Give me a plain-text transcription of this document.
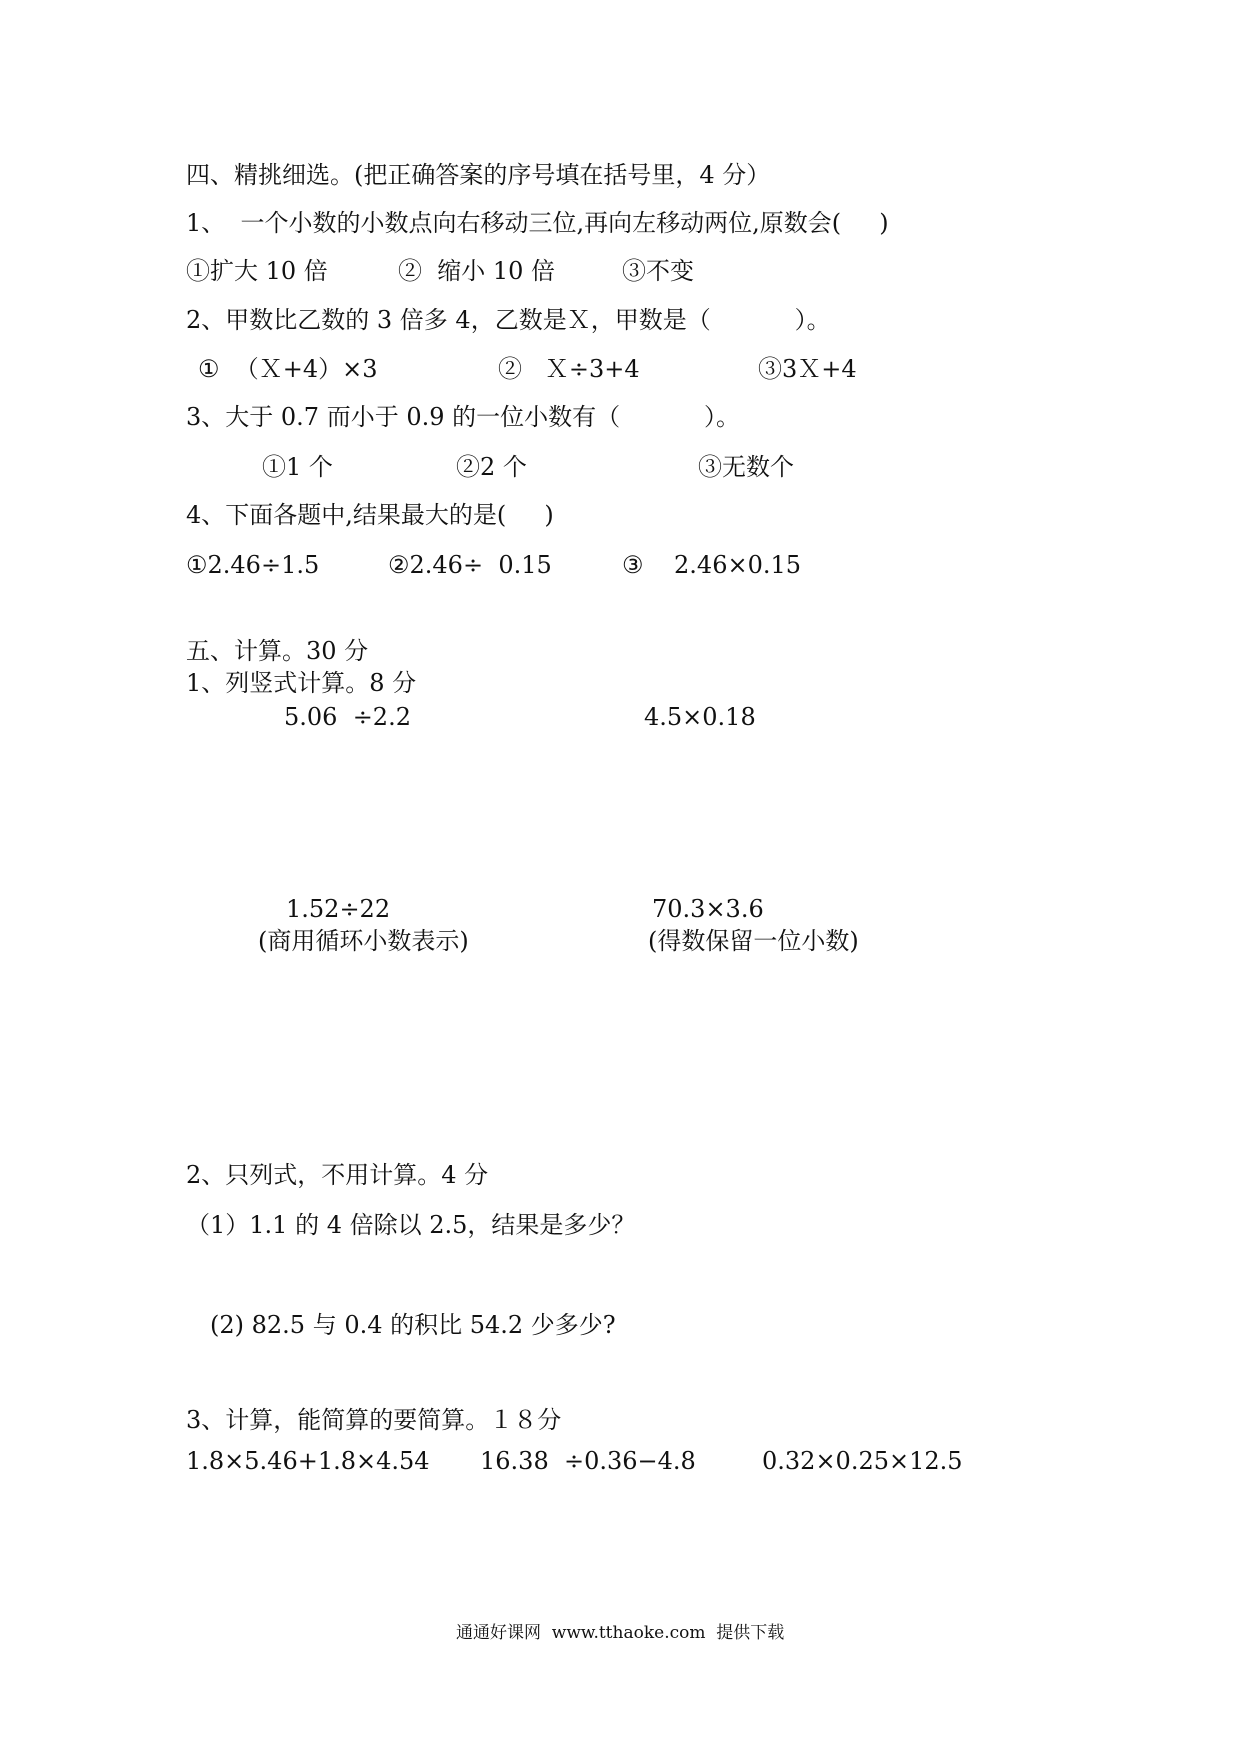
四、精挑细选。(把正确答案的序号填在括号里，4 分）
1、  一个小数的小数点向右移动三位,再向左移动两位,原数会(     )
①扩大 10 倍	②  缩小 10 倍	③不变
2、甲数比乙数的 3 倍多 4，乙数是Ｘ，甲数是（           ）。
①  （Ｘ+4）×3	②   Ｘ÷3+4	③3Ｘ+4
3、大于 0.7 而小于 0.9 的一位小数有（           ）。
①1 个	②2 个	③无数个
4、下面各题中,结果最大的是(     )
①2.46÷1.5	②2.46÷  0.15	③    2.46×0.15
五、计算。30 分
1、列竖式计算。8 分
5.06  ÷2.2	4.5×0.18
1.52÷22
(商用循环小数表示)
70.3×3.6
(得数保留一位小数)
2、只列式，不用计算。4 分
（1）1.1 的 4 倍除以 2.5，结果是多少？
(2) 82.5 与 0.4 的积比 54.2 少多少?
3、计算，能简算的要简算。１８分
1.8×5.46+1.8×4.54 16.38  ÷0.36−4.8	0.32×0.25×12.5
通通好课网  www.tthaoke.com  提供下载
